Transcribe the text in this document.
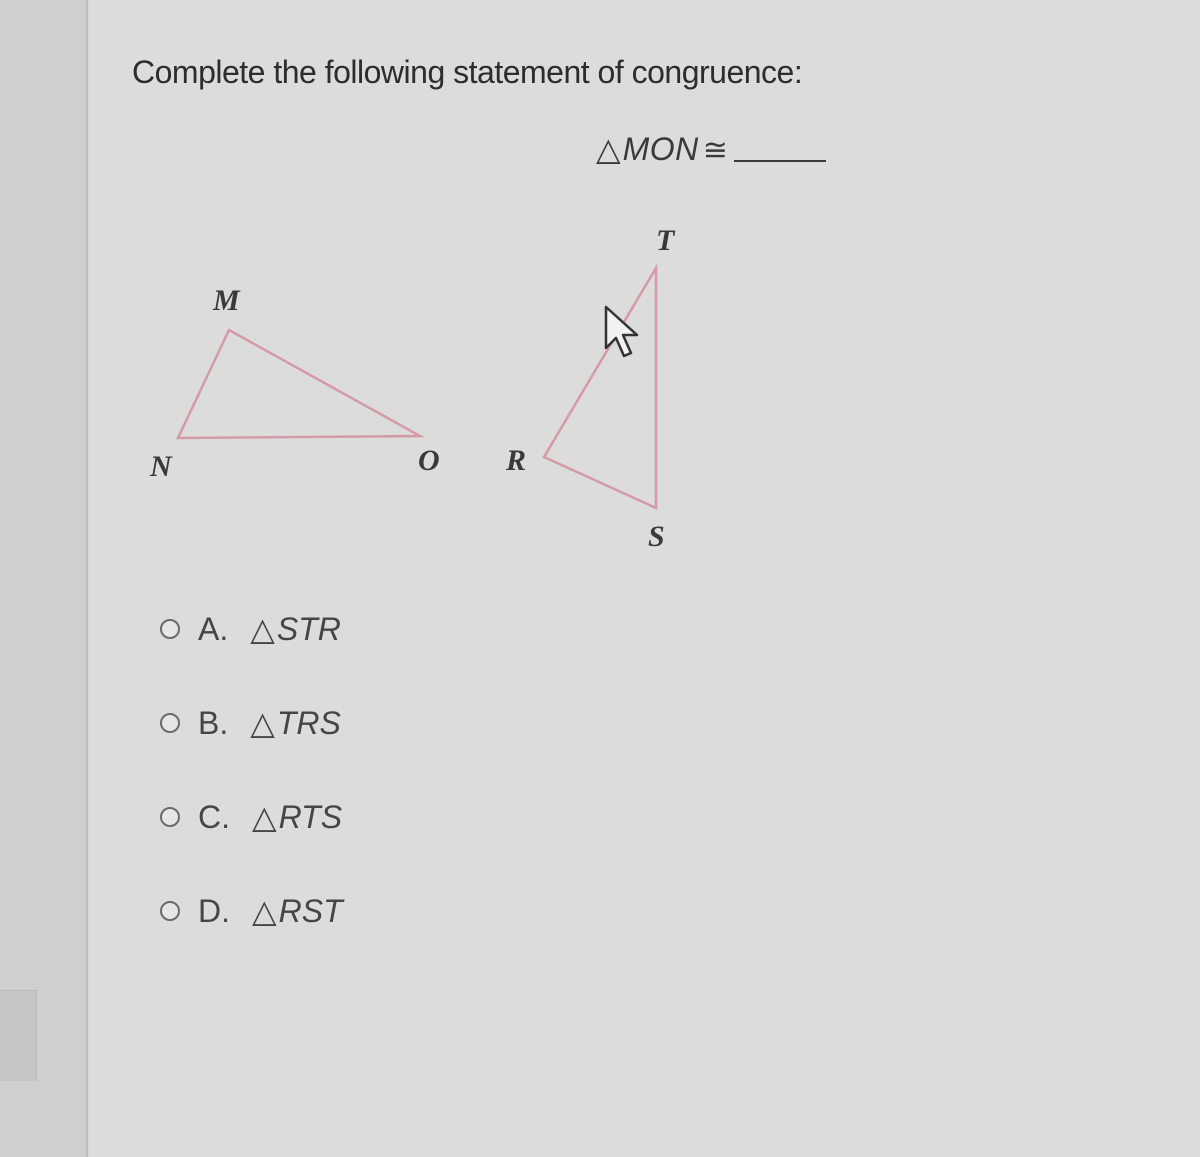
Complete the following statement of congruence:
△ MON ≅
M
N	O
T
R
S
A. △ STR
B. △ TRS
C. △ RTS
D. △ RST
